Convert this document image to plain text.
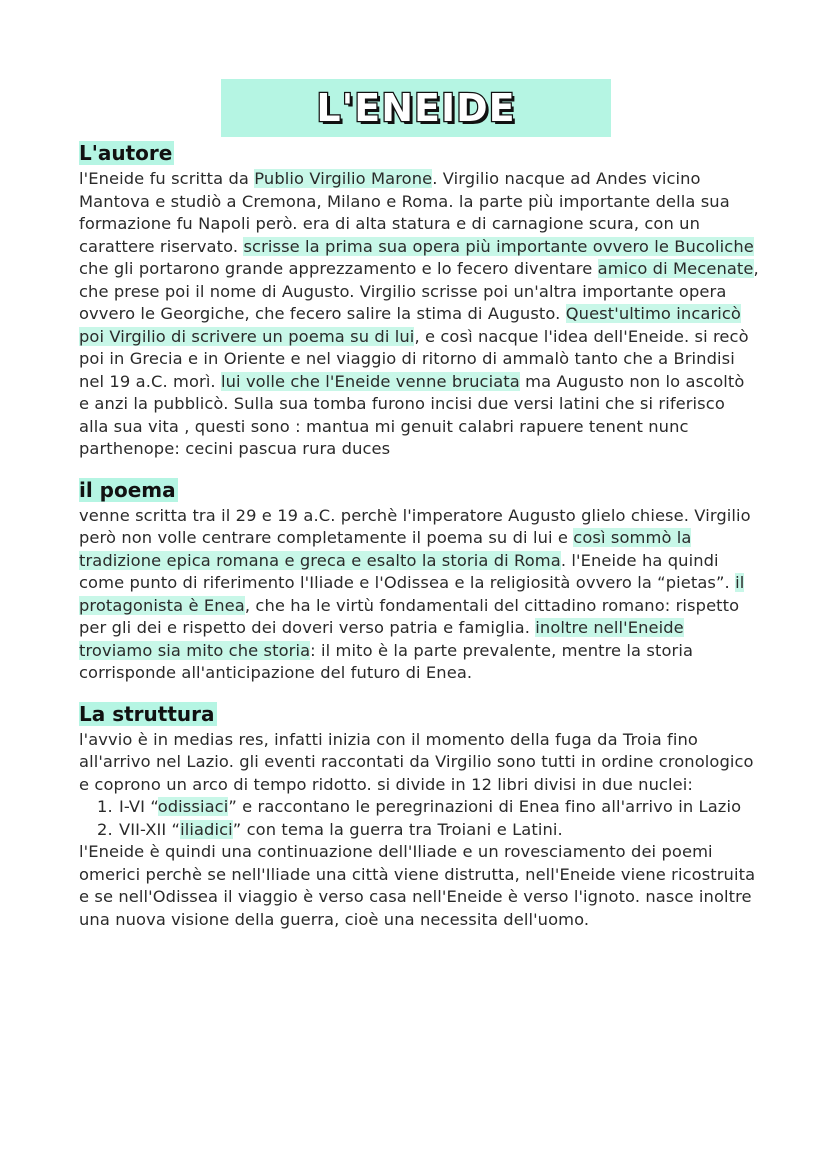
L'ENEIDE
L'autore

l'Eneide fu scritta da Publio Virgilio Marone. Virgilio nacque ad Andes vicino Mantova e studiò a Cremona, Milano e Roma. la parte più importante della sua formazione fu Napoli però. era di alta statura e di carnagione scura, con un carattere riservato. scrisse la prima sua opera più importante ovvero le Bucoliche che gli portarono grande apprezzamento e lo fecero diventare amico di Mecenate, che prese poi il nome di Augusto. Virgilio scrisse poi un'altra importante opera ovvero le Georgiche, che fecero salire la stima di Augusto. Quest'ultimo incaricò poi Virgilio di scrivere un poema su di lui, e così nacque l'idea dell'Eneide. si recò poi in Grecia e in Oriente e nel viaggio di ritorno di ammalò tanto che a Brindisi nel 19 a.C. morì. lui volle che l'Eneide venne bruciata ma Augusto non lo ascoltò e anzi la pubblicò. Sulla sua tomba furono incisi due versi latini che si riferisco alla sua vita , questi sono : mantua mi genuit calabri rapuere tenent nunc parthenope: cecini pascua rura duces

il poema

venne scritta tra il 29 e 19 a.C. perchè l'imperatore Augusto glielo chiese. Virgilio però non volle centrare completamente il poema su di lui e così sommò la tradizione epica romana e greca e esalto la storia di Roma. l'Eneide ha quindi come punto di riferimento l'Iliade e l'Odissea e la religiosità ovvero la “pietas”. il protagonista è Enea, che ha le virtù fondamentali del cittadino romano: rispetto per gli dei e rispetto dei doveri verso patria e famiglia. inoltre nell'Eneide troviamo sia mito che storia: il mito è la parte prevalente, mentre la storia corrisponde all'anticipazione del futuro di Enea.

La struttura

l'avvio è in medias res, infatti inizia con il momento della fuga da Troia fino all'arrivo nel Lazio. gli eventi raccontati da Virgilio sono tutti in ordine cronologico e coprono un arco di tempo ridotto. si divide in 12 libri divisi in due nuclei:

1. I-VI “odissiaci” e raccontano le peregrinazioni di Enea fino all'arrivo in Lazio
2. VII-XII “iliadici” con tema la guerra tra Troiani e Latini.

l'Eneide è quindi una continuazione dell'Iliade e un rovesciamento dei poemi omerici perchè se nell'Iliade una città viene distrutta, nell'Eneide viene ricostruita e se nell'Odissea il viaggio è verso casa nell'Eneide è verso l'ignoto. nasce inoltre una nuova visione della guerra, cioè una necessita dell'uomo.
